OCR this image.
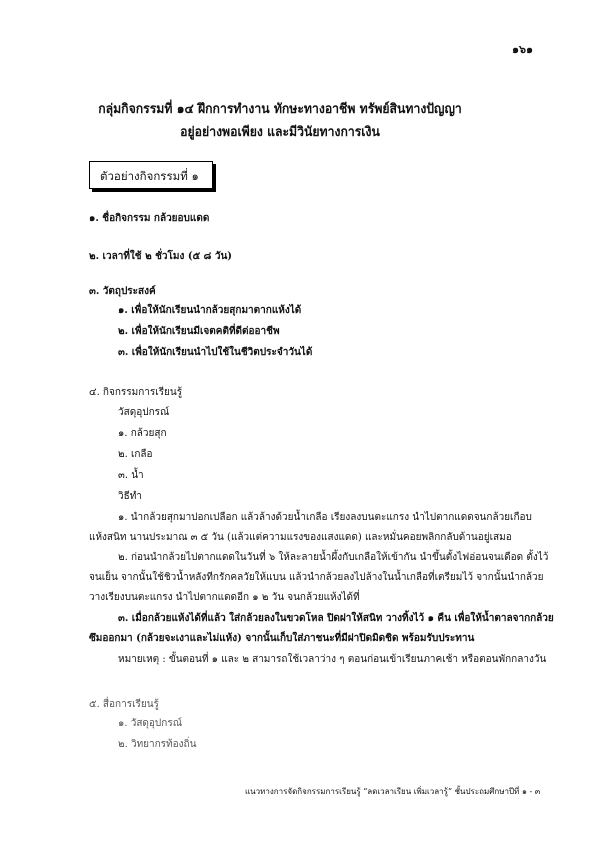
๑๖๑
กลุ่มกิจกรรมที่ ๑๔ ฝึกการทำงาน ทักษะทางอาชีพ ทรัพย์สินทางปัญญา
อยู่อย่างพอเพียง และมีวินัยทางการเงิน
ตัวอย่างกิจกรรมที่ ๑
๑. ชื่อกิจกรรม กล้วยอบแดด
๒. เวลาที่ใช้ ๒ ชั่วโมง (๕ ๘ วัน)
๓. วัตถุประสงค์
๑. เพื่อให้นักเรียนนำกล้วยสุกมาตากแห้งได้
๒. เพื่อให้นักเรียนมีเจตคติที่ดีต่ออาชีพ
๓. เพื่อให้นักเรียนนำไปใช้ในชีวิตประจำวันได้
๔. กิจกรรมการเรียนรู้
วัสดุอุปกรณ์
๑. กล้วยสุก
๒. เกลือ
๓. น้ำ
วิธีทำ
๑. นำกล้วยสุกมาปอกเปลือก แล้วล้างด้วยน้ำเกลือ เรียงลงบนตะแกรง นำไปตากแดดจนกล้วยเกือบ
แห้งสนิท นานประมาณ ๓ ๕ วัน (แล้วแต่ความแรงของแสงแดด) และหมั่นคอยพลิกกลับด้านอยู่เสมอ
๒. ก่อนนำกล้วยไปตากแดดในวันที่ ๖ ให้ละลายน้ำผึ้งกับเกลือให้เข้ากัน นำขึ้นตั้งไฟอ่อนจนเดือด ตั้งไว้
จนเย็น จากนั้นใช้ชิวน้ำหลังทีกรักคลวัยให้แบน แล้วนำกล้วยลงไปล้างในน้ำเกลือที่เตรียมไว้ จากนั้นนำกล้วย
วางเรียงบนตะแกรง นำไปตากแดดอีก ๑ ๒ วัน จนกล้วยแห้งได้ที่
๓. เมื่อกล้วยแห้งได้ที่แล้ว ใส่กล้วยลงในขวดโหล ปิดฝาให้สนิท วางทิ้งไว้ ๑ คืน เพื่อให้น้ำตาลจากกล้วย
ซึมออกมา (กล้วยจะเงาและไม่แห้ง) จากนั้นเก็บใส่ภาชนะที่มีฝาปิดมิดชิด พร้อมรับประทาน
หมายเหตุ : ขั้นตอนที่ ๑ และ ๒ สามารถใช้เวลาว่าง ๆ ตอนก่อนเข้าเรียนภาคเช้า หรือตอนพักกลางวัน
๕. สื่อการเรียนรู้
๑. วัสดุอุปกรณ์
๒. วิทยากรท้องถิ่น
แนวทางการจัดกิจกรรมการเรียนรู้ “ลดเวลาเรียน เพิ่มเวลารู้” ชั้นประถมศึกษาปีที่ ๑ - ๓
